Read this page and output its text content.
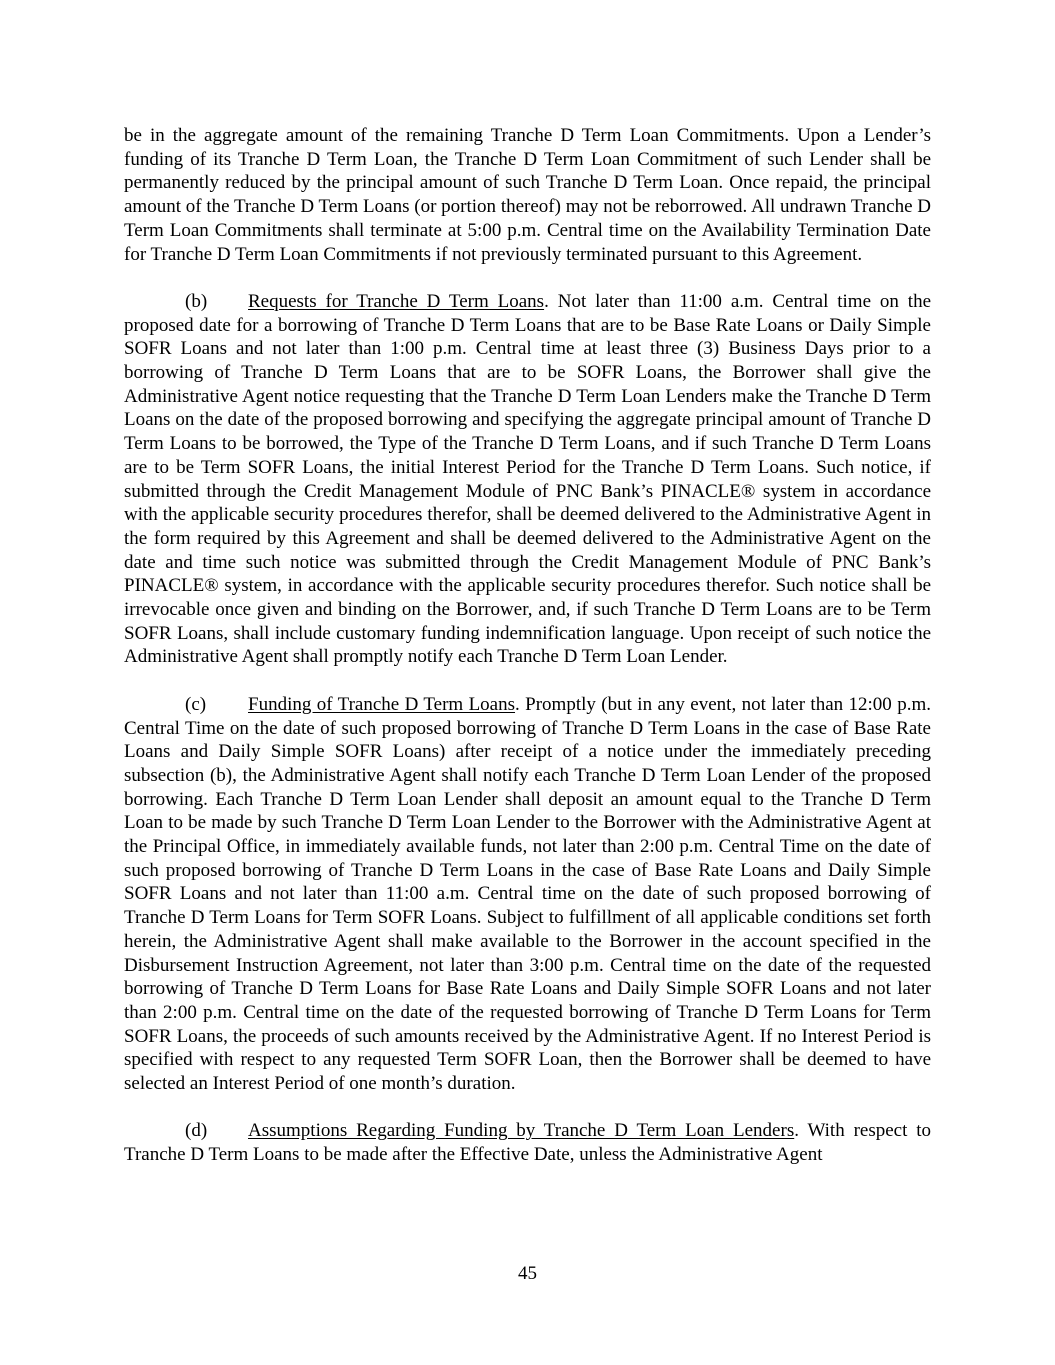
be in the aggregate amount of the remaining Tranche D Term Loan Commitments. Upon a Lender’s funding of its Tranche D Term Loan, the Tranche D Term Loan Commitment of such Lender shall be permanently reduced by the principal amount of such Tranche D Term Loan. Once repaid, the principal amount of the Tranche D Term Loans (or portion thereof) may not be reborrowed. All undrawn Tranche D Term Loan Commitments shall terminate at 5:00 p.m. Central time on the Availability Termination Date for Tranche D Term Loan Commitments if not previously terminated pursuant to this Agreement.

(b) Requests for Tranche D Term Loans. Not later than 11:00 a.m. Central time on the proposed date for a borrowing of Tranche D Term Loans that are to be Base Rate Loans or Daily Simple SOFR Loans and not later than 1:00 p.m. Central time at least three (3) Business Days prior to a borrowing of Tranche D Term Loans that are to be SOFR Loans, the Borrower shall give the Administrative Agent notice requesting that the Tranche D Term Loan Lenders make the Tranche D Term Loans on the date of the proposed borrowing and specifying the aggregate principal amount of Tranche D Term Loans to be borrowed, the Type of the Tranche D Term Loans, and if such Tranche D Term Loans are to be Term SOFR Loans, the initial Interest Period for the Tranche D Term Loans. Such notice, if submitted through the Credit Management Module of PNC Bank’s PINACLE® system in accordance with the applicable security procedures therefor, shall be deemed delivered to the Administrative Agent in the form required by this Agreement and shall be deemed delivered to the Administrative Agent on the date and time such notice was submitted through the Credit Management Module of PNC Bank’s PINACLE® system, in accordance with the applicable security procedures therefor. Such notice shall be irrevocable once given and binding on the Borrower, and, if such Tranche D Term Loans are to be Term SOFR Loans, shall include customary funding indemnification language. Upon receipt of such notice the Administrative Agent shall promptly notify each Tranche D Term Loan Lender.

(c) Funding of Tranche D Term Loans. Promptly (but in any event, not later than 12:00 p.m. Central Time on the date of such proposed borrowing of Tranche D Term Loans in the case of Base Rate Loans and Daily Simple SOFR Loans) after receipt of a notice under the immediately preceding subsection (b), the Administrative Agent shall notify each Tranche D Term Loan Lender of the proposed borrowing. Each Tranche D Term Loan Lender shall deposit an amount equal to the Tranche D Term Loan to be made by such Tranche D Term Loan Lender to the Borrower with the Administrative Agent at the Principal Office, in immediately available funds, not later than 2:00 p.m. Central Time on the date of such proposed borrowing of Tranche D Term Loans in the case of Base Rate Loans and Daily Simple SOFR Loans and not later than 11:00 a.m. Central time on the date of such proposed borrowing of Tranche D Term Loans for Term SOFR Loans. Subject to fulfillment of all applicable conditions set forth herein, the Administrative Agent shall make available to the Borrower in the account specified in the Disbursement Instruction Agreement, not later than 3:00 p.m. Central time on the date of the requested borrowing of Tranche D Term Loans for Base Rate Loans and Daily Simple SOFR Loans and not later than 2:00 p.m. Central time on the date of the requested borrowing of Tranche D Term Loans for Term SOFR Loans, the proceeds of such amounts received by the Administrative Agent. If no Interest Period is specified with respect to any requested Term SOFR Loan, then the Borrower shall be deemed to have selected an Interest Period of one month’s duration.

(d) Assumptions Regarding Funding by Tranche D Term Loan Lenders. With respect to Tranche D Term Loans to be made after the Effective Date, unless the Administrative Agent

45
